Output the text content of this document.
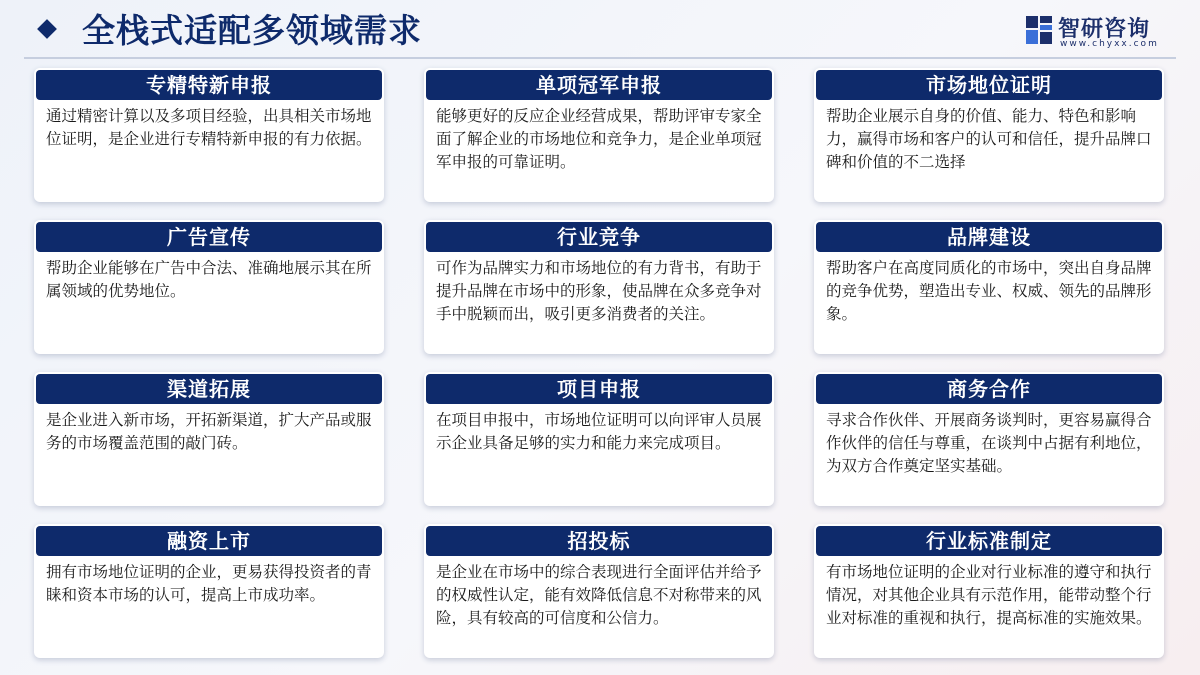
全栈式适配多领域需求	智研咨询
www.chyxx.com
专精特新申报
通过精密计算以及多项目经验，出具相关市场地位证明，是企业进行专精特新申报的有力依据。
单项冠军申报
能够更好的反应企业经营成果，帮助评审专家全面了解企业的市场地位和竞争力，是企业单项冠军申报的可靠证明。
市场地位证明
帮助企业展示自身的价值、能力、特色和影响力，赢得市场和客户的认可和信任，提升品牌口碑和价值的不二选择
广告宣传
帮助企业能够在广告中合法、准确地展示其在所属领域的优势地位。
行业竞争
可作为品牌实力和市场地位的有力背书，有助于提升品牌在市场中的形象，使品牌在众多竞争对手中脱颖而出，吸引更多消费者的关注。
品牌建设
帮助客户在高度同质化的市场中，突出自身品牌的竞争优势，塑造出专业、权威、领先的品牌形象。
渠道拓展
是企业进入新市场，开拓新渠道，扩大产品或服务的市场覆盖范围的敲门砖。
项目申报
在项目申报中，市场地位证明可以向评审人员展示企业具备足够的实力和能力来完成项目。
商务合作
寻求合作伙伴、开展商务谈判时，更容易赢得合作伙伴的信任与尊重，在谈判中占据有利地位，为双方合作奠定坚实基础。
融资上市
拥有市场地位证明的企业，更易获得投资者的青睐和资本市场的认可，提高上市成功率。
招投标
是企业在市场中的综合表现进行全面评估并给予的权威性认定，能有效降低信息不对称带来的风险，具有较高的可信度和公信力。
行业标准制定
有市场地位证明的企业对行业标准的遵守和执行情况，对其他企业具有示范作用，能带动整个行业对标准的重视和执行，提高标准的实施效果。
